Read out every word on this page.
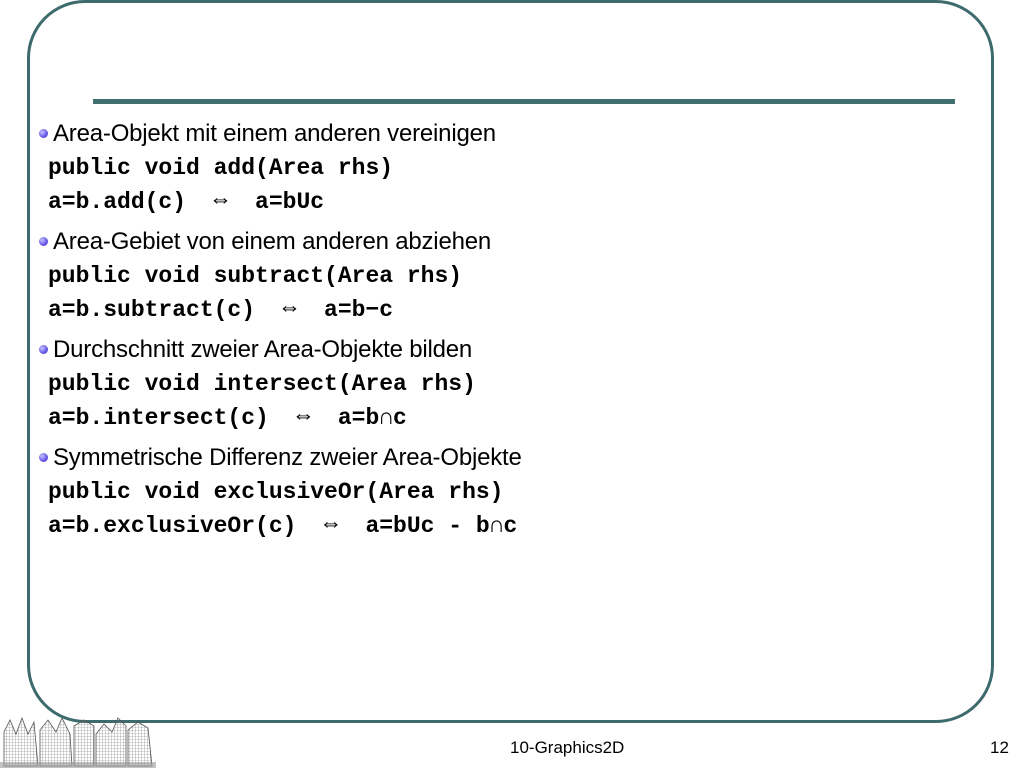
Area-Objekt mit einem anderen vereinigen
public void add(Area rhs)
a=b.add(c)  ⇔  a=bUc
Area-Gebiet von einem anderen abziehen
public void subtract(Area rhs)
a=b.subtract(c)  ⇔  a=b−c
Durchschnitt zweier Area-Objekte bilden
public void intersect(Area rhs)
a=b.intersect(c)  ⇔  a=b∩c
Symmetrische Differenz zweier Area-Objekte
public void exclusiveOr(Area rhs)
a=b.exclusiveOr(c)  ⇔  a=bUc - b∩c
10-Graphics2D	12
